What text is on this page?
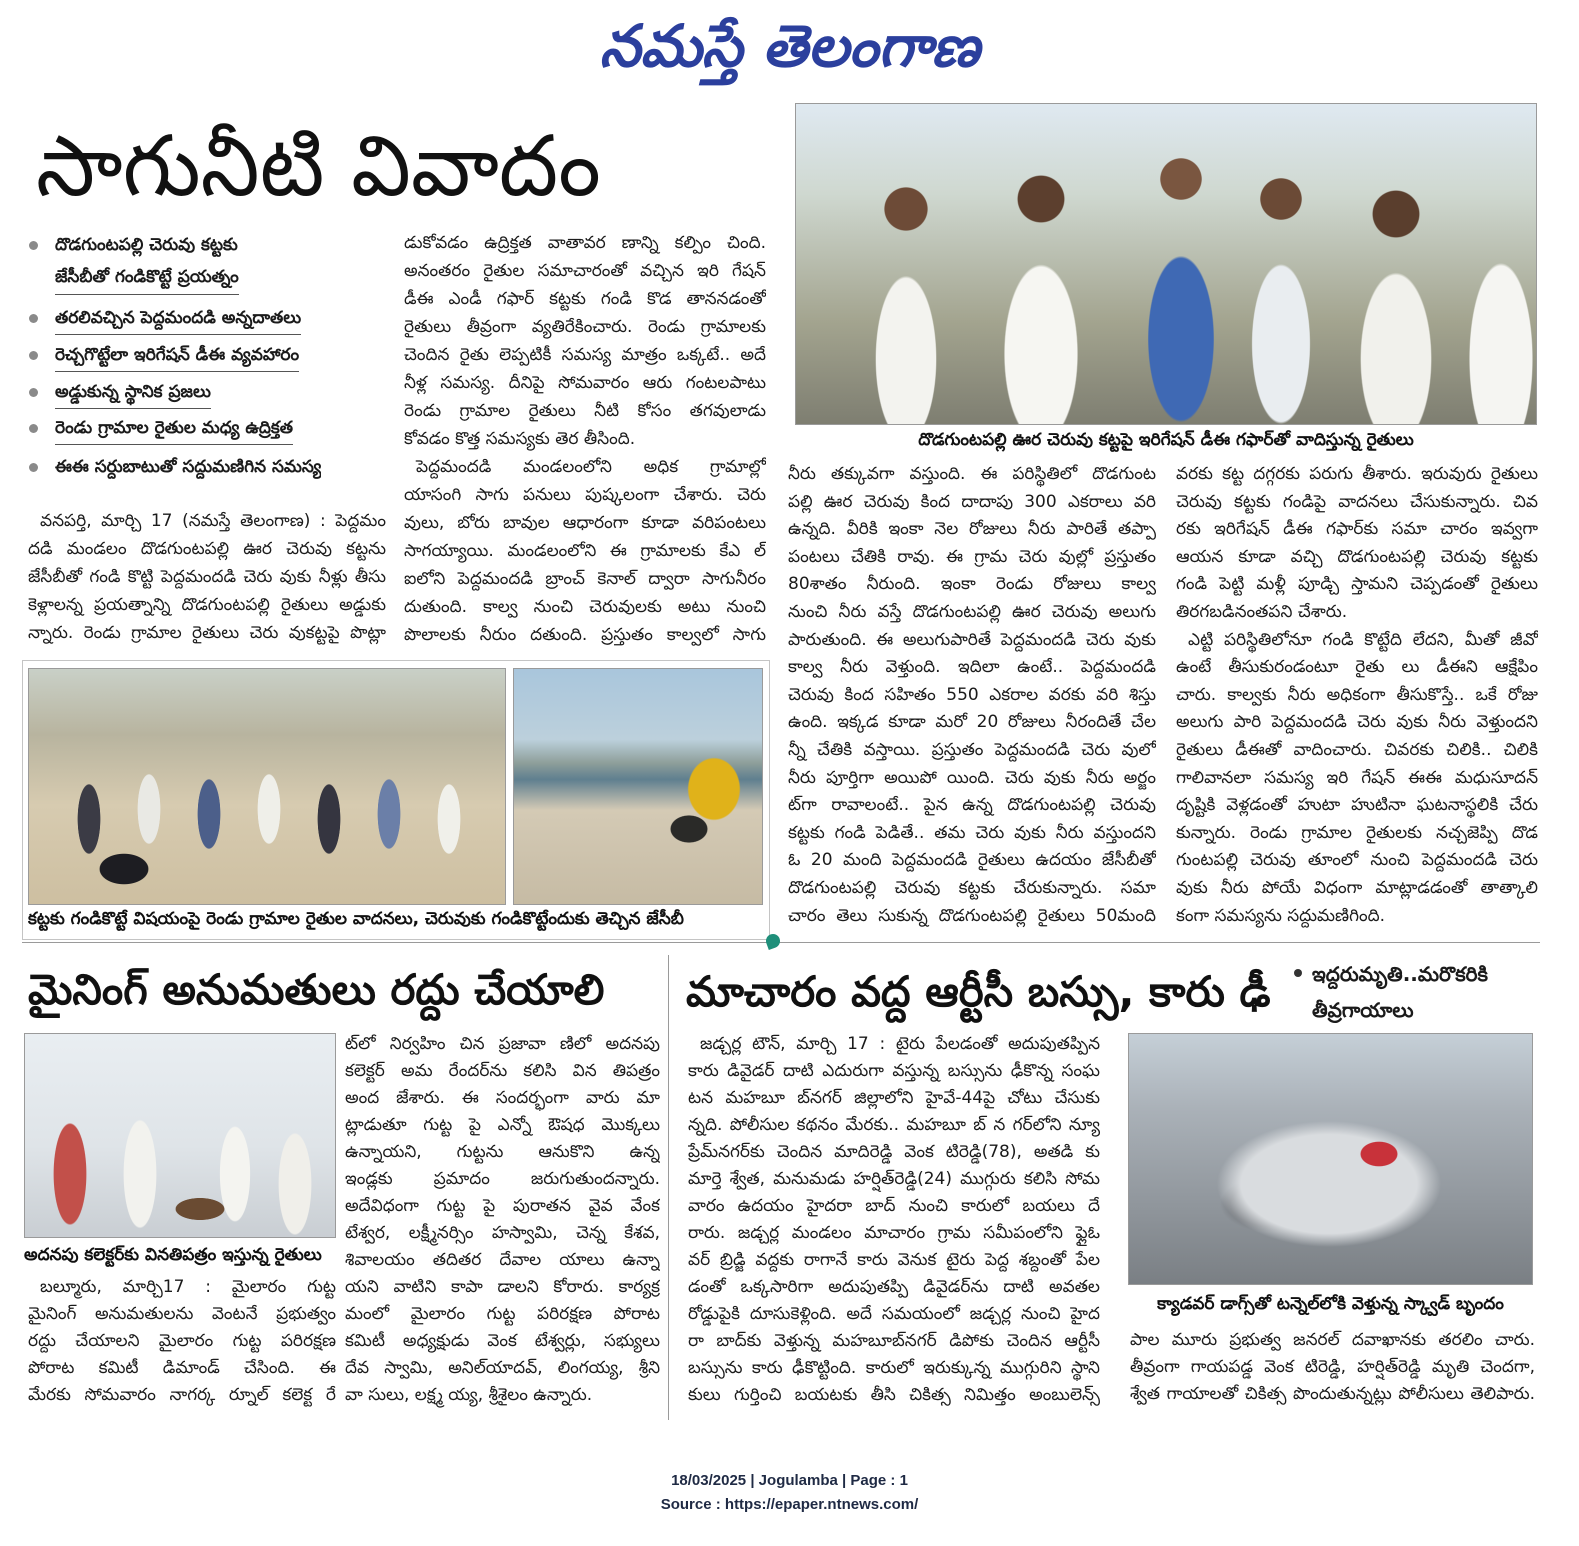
నమస్తే తెలంగాణ
సాగునీటి వివాదం
దొడగుంటపల్లి ఊర చెరువు కట్టపై ఇరిగేషన్ డీఈ గఫార్‌తో వాదిస్తున్న రైతులు
దొడగుంటపల్లి చెరువు కట్టకు
జేసీబీతో గండికొట్టే ప్రయత్నం
తరలివచ్చిన పెద్దమందడి అన్నదాతలు
రెచ్చగొట్టేలా ఇరిగేషన్ డీఈ వ్యవహారం
అడ్డుకున్న స్థానిక ప్రజలు
రెండు గ్రామాల రైతుల మధ్య ఉద్రిక్తత
ఈఈ సర్దుబాటుతో సద్దుమణిగిన సమస్య
వనపర్తి, మార్చి 17 (నమస్తే తెలంగాణ) : పెద్దమం
దడి మండలం దొడగుంటపల్లి ఊర చెరువు కట్టను
జేసీబీతో గండి కొట్టి పెద్దమందడి చెరు వుకు నీళ్లు తీసు
కెళ్లాలన్న ప్రయత్నాన్ని దొడగుంటపల్లి రైతులు అడ్డుకు
న్నారు. రెండు గ్రామాల రైతులు చెరు వుకట్టపై పొట్లా
డుకోవడం ఉద్రిక్తత వాతావర ణాన్ని కల్పిం చింది.
అనంతరం రైతుల సమాచారంతో వచ్చిన ఇరి గేషన్
డీఈ ఎండీ గఫార్ కట్టకు గండి కొడ తాననడంతో
రైతులు తీవ్రంగా వ్యతిరేకించారు. రెండు గ్రామాలకు
చెందిన రైతు లెప్పటికీ సమస్య మాత్రం ఒక్కటే.. అదే
నీళ్ల సమస్య. దీనిపై సోమవారం ఆరు గంటలపాటు
రెండు గ్రామాల రైతులు నీటి కోసం తగవులాడు
కోవడం కొత్త సమస్యకు తెర తీసింది.
పెద్దమందడి మండలంలోని అధిక గ్రామాల్లో
యాసంగి సాగు పనులు పుష్కలంగా చేశారు. చెరు
వులు, బోరు బావుల ఆధారంగా కూడా వరిపంటలు
సాగయ్యాయి. మండలంలోని ఈ గ్రామాలకు కేఎ ల్
ఐలోని పెద్దమందడి బ్రాంచ్ కెనాల్ ద్వారా సాగునీరం
దుతుంది. కాల్వ నుంచి చెరువులకు అటు నుంచి
పొలాలకు నీరుం దతుంది. ప్రస్తుతం కాల్వలో సాగు
కట్టకు గండికొట్టే విషయంపై రెండు గ్రామాల రైతుల వాదనలు, చెరువుకు గండికొట్టేందుకు తెచ్చిన జేసీబీ
నీరు తక్కువగా వస్తుంది. ఈ పరిస్థితిలో దొడగుంట
పల్లి ఊర చెరువు కింద దాదాపు 300 ఎకరాలు వరి
ఉన్నది. వీరికి ఇంకా నెల రోజులు నీరు పారితే తప్పా
పంటలు చేతికి రావు. ఈ గ్రామ చెరు వుల్లో ప్రస్తుతం
80శాతం నీరుంది. ఇంకా రెండు రోజులు కాల్వ
నుంచి నీరు వస్తే దొడగుంటపల్లి ఊర చెరువు అలుగు
పారుతుంది. ఈ అలుగుపారితే పెద్దమందడి చెరు వుకు
కాల్వ నీరు వెళ్తుంది. ఇదిలా ఉంటే.. పెద్దమందడి
చెరువు కింద సహితం 550 ఎకరాల వరకు వరి శిస్తు
ఉంది. ఇక్కడ కూడా మరో 20 రోజులు నీరందితే చేల
న్నీ చేతికి వస్తాయి. ప్రస్తుతం పెద్దమందడి చెరు వులో
నీరు పూర్తిగా అయిపో యింది. చెరు వుకు నీరు అర్జం
ట్‌గా రావాలంటే.. పైన ఉన్న దొడగుంటపల్లి చెరువు
కట్టకు గండి పెడితే.. తమ చెరు వుకు నీరు వస్తుందని
ఓ 20 మంది పెద్దమందడి రైతులు ఉదయం జేసీబీతో
దొడగుంటపల్లి చెరువు కట్టకు చేరుకున్నారు. సమా
చారం తెలు సుకున్న దొడగుంటపల్లి రైతులు 50మంది
వరకు కట్ట దగ్గరకు పరుగు తీశారు. ఇరువురు రైతులు
చెరువు కట్టకు గండిపై వాదనలు చేసుకున్నారు. చివ
రకు ఇరిగేషన్ డీఈ గఫార్‌కు సమా చారం ఇవ్వగా
ఆయన కూడా వచ్చి దొడగుంటపల్లి చెరువు కట్టకు
గండి పెట్టి మళ్లీ పూడ్చి స్తామని చెప్పడంతో రైతులు
తిరగబడినంతపని చేశారు.
ఎట్టి పరిస్థితిలోనూ గండి కొట్టేది లేదని, మీతో జీవో
ఉంటే తీసుకురండంటూ రైతు లు డీఈని ఆక్షేపిం
చారు. కాల్వకు నీరు అధికంగా తీసుకొస్తే.. ఒకే రోజు
అలుగు పారి పెద్దమందడి చెరు వుకు నీరు వెళ్తుందని
రైతులు డీఈతో వాదించారు. చివరకు చిలికి.. చిలికి
గాలివానలా సమస్య ఇరి గేషన్ ఈఈ మధుసూదన్
దృష్టికి వెళ్లడంతో హుటా హుటినా ఘటనాస్థలికి చేరు
కున్నారు. రెండు గ్రామాల రైతులకు నచ్చజెప్పి దొడ
గుంటపల్లి చెరువు తూంలో నుంచి పెద్దమందడి చెరు
వుకు నీరు పోయే విధంగా మాట్లాడడంతో తాత్కాలి
కంగా సమస్యను సద్దుమణిగింది.
మైనింగ్ అనుమతులు రద్దు చేయాలి
అదనపు కలెక్టర్‌కు వినతిపత్రం ఇస్తున్న రైతులు
బల్మూరు, మార్చి17 : మైలారం గుట్ట
మైనింగ్ అనుమతులను వెంటనే ప్రభుత్వం
రద్దు చేయాలని మైలారం గుట్ట పరిరక్షణ
పోరాట కమిటీ డిమాండ్ చేసింది. ఈ
మేరకు సోమవారం నాగర్క ర్నూల్ కలెక్ట రే
ట్‌లో నిర్వహిం చిన ప్రజావా ణిలో అదనపు
కలెక్టర్ అమ రేందర్‌ను కలిసి విన తిపత్రం
అంద జేశారు. ఈ సందర్భంగా వారు మా
ట్లాడుతూ గుట్ట పై ఎన్నో ఔషధ మొక్కలు
ఉన్నాయని, గుట్టను ఆనుకొని ఉన్న
ఇండ్లకు ప్రమాదం జరుగుతుందన్నారు.
అదేవిధంగా గుట్ట పై పురాతన వైవ వేంక
టేశ్వర, లక్ష్మీనర్సిం హస్వామి, చెన్న కేశవ,
శివాలయం తదితర దేవాల యాలు ఉన్నా
యని వాటిని కాపా డాలని కోరారు. కార్యక్ర
మంలో మైలారం గుట్ట పరిరక్షణ పోరాట
కమిటీ అధ్యక్షుడు వెంక టేశ్వర్లు, సభ్యులు
దేవ స్వామి, అనిల్‌యాదవ్, లింగయ్య, శ్రీని
వా సులు, లక్ష్మ య్య, శ్రీశైలం ఉన్నారు.
మాచారం వద్ద ఆర్టీసీ బస్సు, కారు ఢీ	ఇద్దరుమృతి..మరొకరికి
తీవ్రగాయాలు
జడ్చర్ల టౌన్, మార్చి 17 : టైరు పేలడంతో అదుపుతప్పిన
కారు డివైడర్ దాటి ఎదురుగా వస్తున్న బస్సును ఢీకొన్న సంఘ
టన మహబూ బ్‌నగర్ జిల్లాలోని హైవే-44పై చోటు చేసుకు
న్నది. పోలీసుల కథనం మేరకు.. మహబూ బ్ న గర్‌లోని న్యూ
ప్రేమ్‌నగర్‌కు చెందిన మాదిరెడ్డి వెంక టిరెడ్డి(78), అతడి కు
మార్తె శ్వేత, మనుమడు హర్షిత్‌రెడ్డి(24) ముగ్గురు కలిసి సోమ
వారం ఉదయం హైదరా బాద్ నుంచి కారులో బయలు దే
రారు. జడ్చర్ల మండలం మాచారం గ్రామ సమీపంలోని ఫ్లైఓ
వర్ బ్రిడ్జి వద్దకు రాగానే కారు వెనుక టైరు పెద్ద శబ్దంతో పేల
డంతో ఒక్కసారిగా అదుపుతప్పి డివైడర్‌ను దాటి అవతల
రోడ్డుపైకి దూసుకెళ్లింది. అదే సమయంలో జడ్చర్ల నుంచి హైద
రా బాద్‌కు వెళ్తున్న మహబూబ్‌నగర్ డిపోకు చెందిన ఆర్టీసీ
బస్సును కారు ఢీకొట్టింది. కారులో ఇరుక్కున్న ముగ్గురిని స్థాని
కులు గుర్తించి బయటకు తీసి చికిత్స నిమిత్తం అంబులెన్స్
క్యాడవర్ డాగ్స్‌తో టన్నెల్‌లోకి వెళ్తున్న స్క్వాడ్ బృందం
పాల మూరు ప్రభుత్వ జనరల్ దవాఖానకు తరలిం చారు.
తీవ్రంగా గాయపడ్డ వెంక టిరెడ్డి, హర్షిత్‌రెడ్డి మృతి చెందగా,
శ్వేత గాయాలతో చికిత్స పొందుతున్నట్లు పోలీసులు తెలిపారు.
18/03/2025 | Jogulamba | Page : 1
Source : https://epaper.ntnews.com/
